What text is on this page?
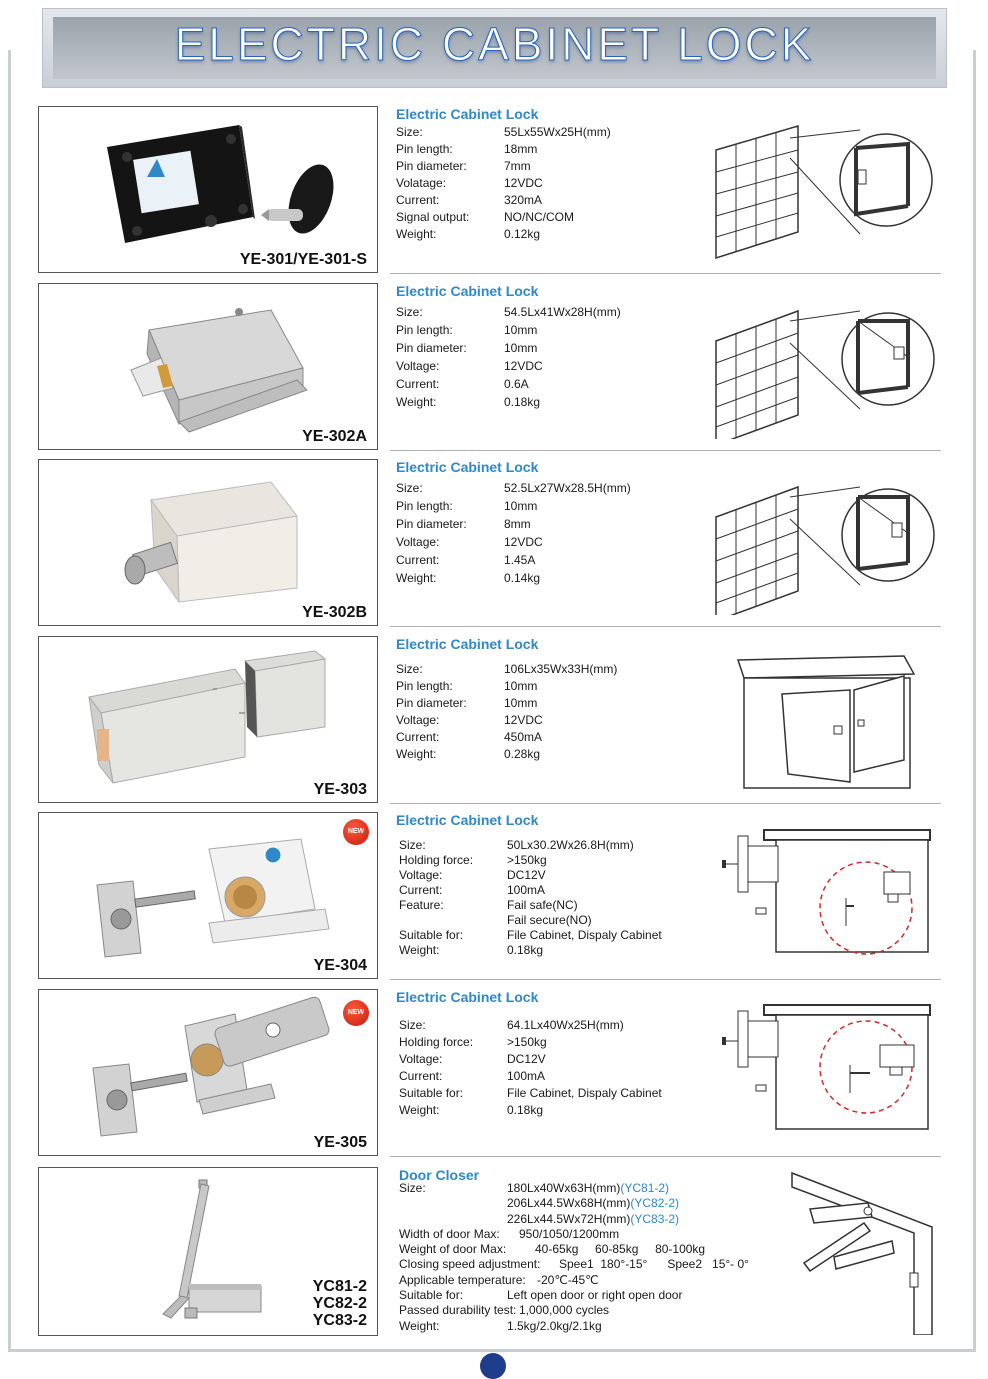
ELECTRIC CABINET LOCK
YE-301/YE-301-S
Electric Cabinet Lock
Size:	55Lx55Wx25H(mm)
Pin length:	18mm
Pin diameter:	7mm
Volatage:	12VDC
Current:	320mA
Signal output:	NO/NC/COM
Weight:	0.12kg
YE-302A
Electric Cabinet Lock
Size:	54.5Lx41Wx28H(mm)
Pin length:	10mm
Pin diameter:	10mm
Voltage:	12VDC
Current:	0.6A
Weight:	0.18kg
YE-302B
Electric Cabinet Lock
Size:	52.5Lx27Wx28.5H(mm)
Pin length:	10mm
Pin diameter:	8mm
Voltage:	12VDC
Current:	1.45A
Weight:	0.14kg
YE-303
Electric Cabinet Lock
Size:	106Lx35Wx33H(mm)
Pin length:	10mm
Pin diameter:	10mm
Voltage:	12VDC
Current:	450mA
Weight:	0.28kg
NEW
YE-304
Electric Cabinet Lock
Size:	50Lx30.2Wx26.8H(mm)
Holding force:	>150kg
Voltage:	DC12V
Current:	100mA
Feature:	Fail safe(NC)
Fail secure(NO)
Suitable for:	File Cabinet, Dispaly Cabinet
Weight:	0.18kg
NEW
YE-305
Electric Cabinet Lock
Size:	64.1Lx40Wx25H(mm)
Holding force:	>150kg
Voltage:	DC12V
Current:	100mA
Suitable for:	File Cabinet, Dispaly Cabinet
Weight:	0.18kg
YC81-2
YC82-2
YC83-2
Door Closer
Size:	180Lx40Wx63H(mm)(YC81-2)
206Lx44.5Wx68H(mm)(YC82-2)
226Lx44.5Wx72H(mm)(YC83-2)
Width of door Max: 950/1050/1200mm
Weight of door Max: 40-65kg     60-85kg     80-100kg
Closing speed adjustment: Spee1  180°-15°      Spee2   15°- 0°
Applicable temperature: -20℃-45℃
Suitable for:	Left open door or right open door
Passed durability test: 1,000,000 cycles
Weight:	1.5kg/2.0kg/2.1kg
